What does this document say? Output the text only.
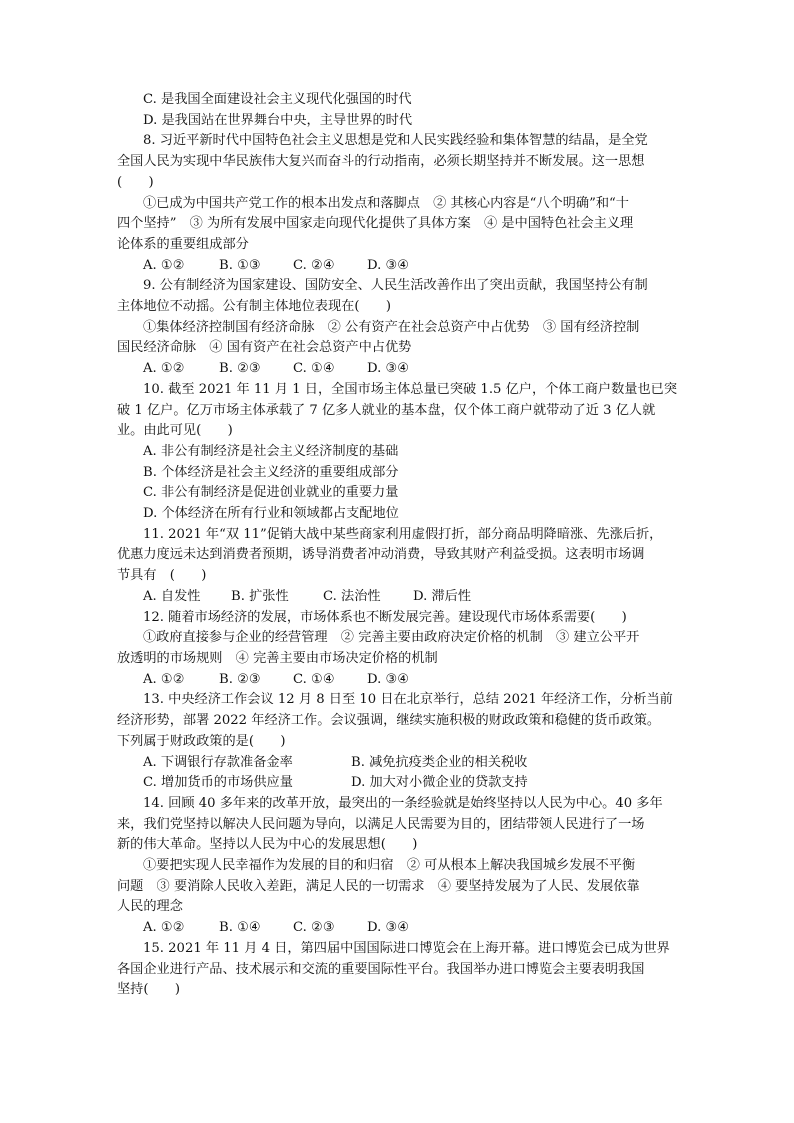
C. 是我国全面建设社会主义现代化强国的时代

D. 是我国站在世界舞台中央，主导世界的时代

8. 习近平新时代中国特色社会主义思想是党和人民实践经验和集体智慧的结晶，是全党

全国人民为实现中华民族伟大复兴而奋斗的行动指南，必须长期坚持并不断发展。这一思想

(　　)

①已成为中国共产党工作的根本出发点和落脚点　② 其核心内容是“八个明确”和“十

四个坚持”　③ 为所有发展中国家走向现代化提供了具体方案　④ 是中国特色社会主义理

论体系的重要组成部分

A. ①②	B. ①③ C. ②④ D. ③④

9. 公有制经济为国家建设、国防安全、人民生活改善作出了突出贡献，我国坚持公有制

主体地位不动摇。公有制主体地位表现在(　　)

①集体经济控制国有经济命脉　② 公有资产在社会总资产中占优势　③ 国有经济控制

国民经济命脉　④ 国有资产在社会总资产中占优势

A. ①②	B. ②③ C. ①④ D. ③④

10. 截至 2021 年 11 月 1 日，全国市场主体总量已突破 1.5 亿户，个体工商户数量也已突

破 1 亿户。亿万市场主体承载了 7 亿多人就业的基本盘，仅个体工商户就带动了近 3 亿人就

业。由此可见(　　)

A. 非公有制经济是社会主义经济制度的基础

B. 个体经济是社会主义经济的重要组成部分

C. 非公有制经济是促进创业就业的重要力量

D. 个体经济在所有行业和领域都占支配地位

11. 2021 年“双 11”促销大战中某些商家利用虚假打折，部分商品明降暗涨、先涨后折，

优惠力度远未达到消费者预期，诱导消费者冲动消费，导致其财产利益受损。这表明市场调

节具有　(　　)

A. 自发性 B. 扩张性	C. 法治性 D. 滞后性

12. 随着市场经济的发展，市场体系也不断发展完善。建设现代市场体系需要(　　)

①政府直接参与企业的经营管理　② 完善主要由政府决定价格的机制　③ 建立公平开

放透明的市场规则　④ 完善主要由市场决定价格的机制

A. ①②	B. ②③ C. ①④ D. ③④

13. 中央经济工作会议 12 月 8 日至 10 日在北京举行，总结 2021 年经济工作，分析当前

经济形势，部署 2022 年经济工作。会议强调，继续实施积极的财政政策和稳健的货币政策。

下列属于财政政策的是(　　)

A. 下调银行存款准备金率	B. 减免抗疫类企业的相关税收

C. 增加货币的市场供应量	D. 加大对小微企业的贷款支持

14. 回顾 40 多年来的改革开放，最突出的一条经验就是始终坚持以人民为中心。40 多年

来，我们党坚持以解决人民问题为导向，以满足人民需要为目的，团结带领人民进行了一场

新的伟大革命。坚持以人民为中心的发展思想(　　)

①要把实现人民幸福作为发展的目的和归宿　② 可从根本上解决我国城乡发展不平衡

问题　③ 要消除人民收入差距，满足人民的一切需求　④ 要坚持发展为了人民、发展依靠

人民的理念

A. ①②	B. ①④ C. ②③ D. ③④

15. 2021 年 11 月 4 日，第四届中国国际进口博览会在上海开幕。进口博览会已成为世界

各国企业进行产品、技术展示和交流的重要国际性平台。我国举办进口博览会主要表明我国

坚持(　　)
